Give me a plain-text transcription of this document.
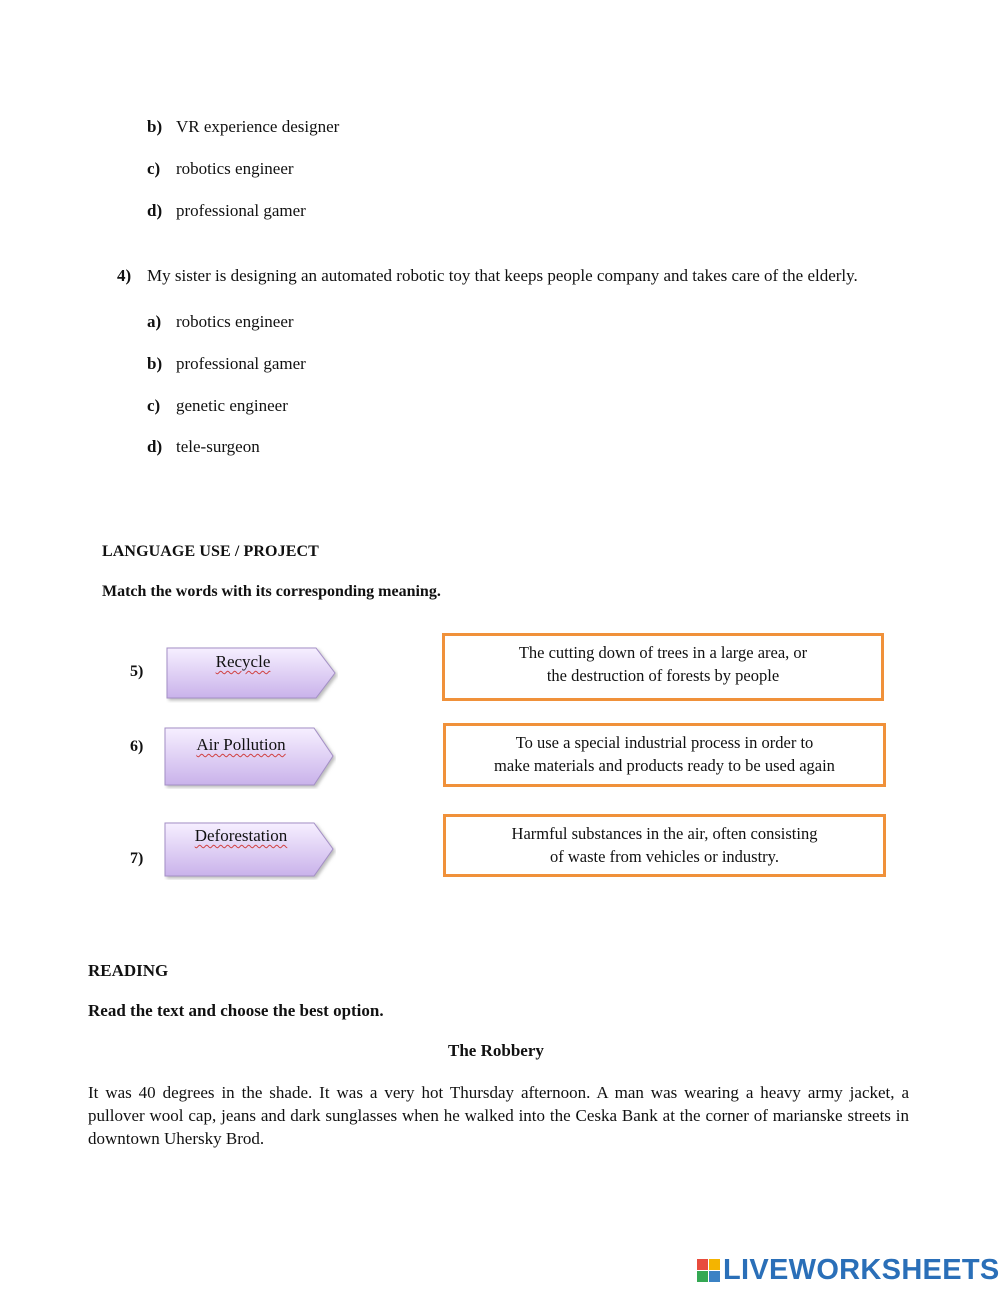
b) VR experience designer
c) robotics engineer
d) professional gamer
4) My sister is designing an automated robotic toy that keeps people company and takes care of the elderly.
a) robotics engineer
b) professional gamer
c) genetic engineer
d) tele-surgeon
LANGUAGE USE / PROJECT
Match the words with its corresponding meaning.
5)
Recycle
6)	Air Pollution
7)
Deforestation
The cutting down of trees in a large area, or
the destruction of forests by people
To use a special industrial process in order to
make materials and products ready to be used again
Harmful substances in the air, often consisting
of waste from vehicles or industry.
READING
Read the text and choose the best option.
The Robbery
It was 40 degrees in the shade. It was a very hot Thursday afternoon. A man was wearing a heavy army jacket, a pullover wool cap, jeans and dark sunglasses when he walked into the Ceska Bank at the corner of marianske streets in downtown Uhersky Brod.
LIVEWORKSHEETS
